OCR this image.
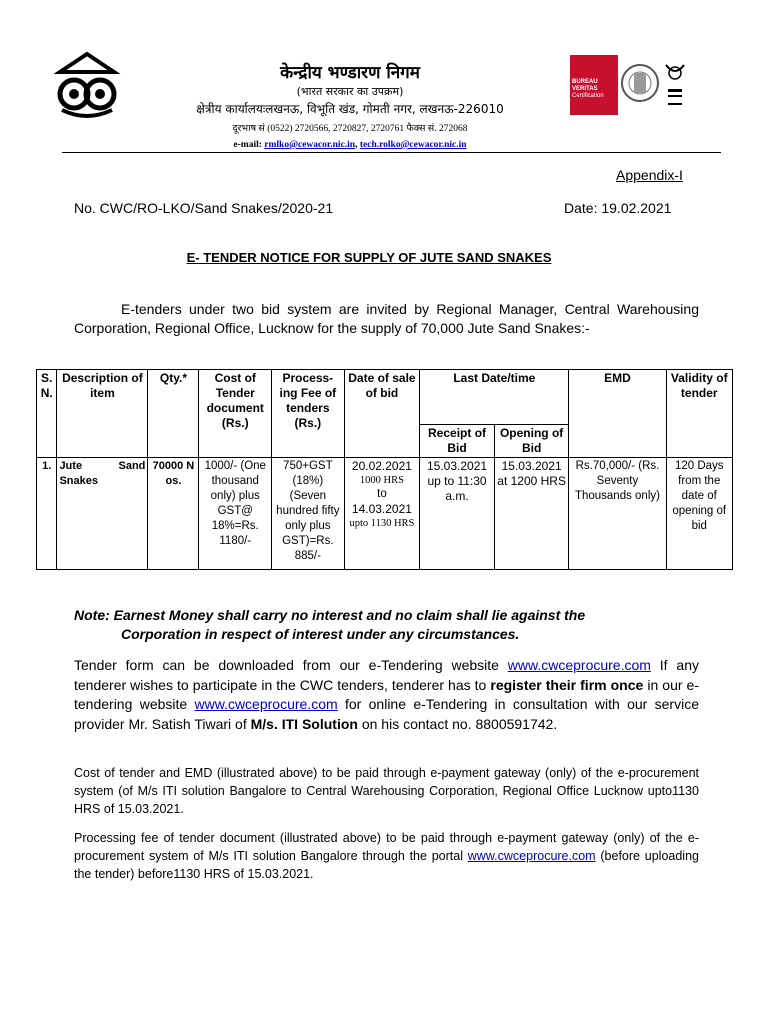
केन्द्रीय भण्डारण निगम
(भारत सरकार का उपक्रम)
क्षेत्रीय कार्यालयःलखनऊ, विभूति खंड, गोमती नगर, लखनऊ-226010
दूरभाष सं (0522) 2720566, 2720827, 2720761 फैक्स सं. 272068
e-mail: rmlko@cewacor.nic.in, tech.rolko@cewacor.nic.in
BUREAU VERITAS
Certification
Appendix-I
No. CWC/RO-LKO/Sand Snakes/2020-21	Date: 19.02.2021
E- TENDER NOTICE FOR SUPPLY OF JUTE SAND SNAKES
E-tenders under two bid system are invited by Regional Manager, Central Warehousing Corporation, Regional Office, Lucknow for the supply of 70,000 Jute Sand Snakes:-
S. N.	Description of item	Qty.*	Cost of Tender document (Rs.)	Process-ing Fee of tenders (Rs.)	Date of sale of bid	Last Date/time		EMD	Validity of tender
						Receipt of Bid	Opening of Bid		
1.	Jute Sand Snakes	70000 Nos.	1000/- (One thousand only) plus GST@ 18%=Rs. 1180/-	750+GST (18%) (Seven hundred fifty only plus GST)=Rs. 885/-	20.02.2021
1000 HRS
to
14.03.2021
upto 1130 HRS	15.03.2021 up to 11:30 a.m.	15.03.2021 at 1200 HRS	Rs.70,000/- (Rs. Seventy Thousands only)	120 Days from the date of opening of bid
Note: Earnest Money shall carry no interest and no claim shall lie against the
Corporation in respect of interest under any circumstances.
Tender form can be downloaded from our e-Tendering website www.cwceprocure.com If any tenderer wishes to participate in the CWC tenders, tenderer has to register their firm once in our e-tendering website www.cwceprocure.com for online e-Tendering in consultation with our service provider Mr. Satish Tiwari of M/s. ITI Solution on his contact no. 8800591742.
Cost of tender and EMD (illustrated above) to be paid through e-payment gateway (only) of the e-procurement system (of M/s ITI solution Bangalore to Central Warehousing Corporation, Regional Office Lucknow upto1130 HRS of 15.03.2021.
Processing fee of tender document (illustrated above) to be paid through e-payment gateway (only) of the e-procurement system of M/s ITI solution Bangalore through the portal www.cwceprocure.com (before uploading the tender) before1130 HRS of 15.03.2021.
